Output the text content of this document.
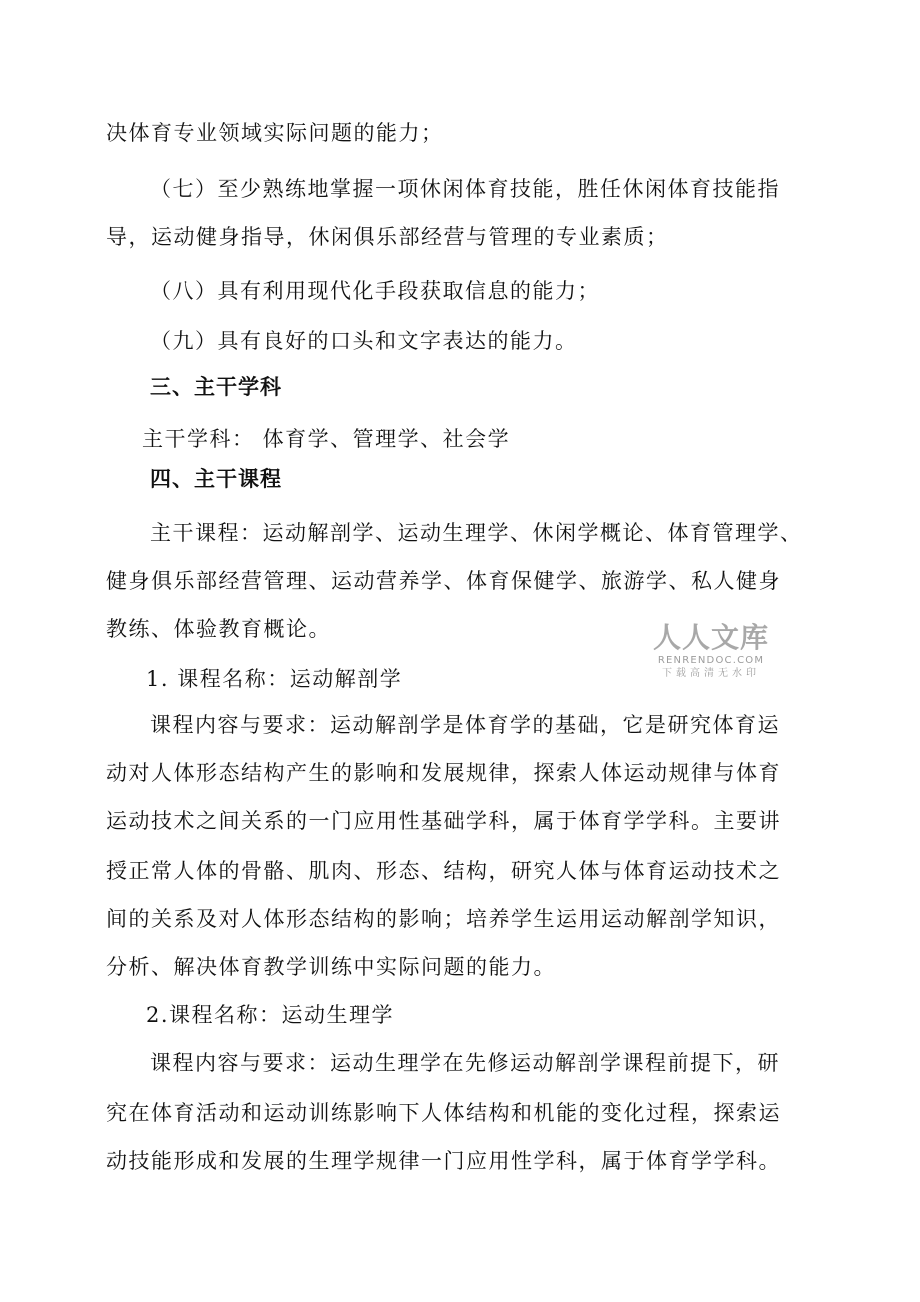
决体育专业领域实际问题的能力；
（七）至少熟练地掌握一项休闲体育技能，胜任休闲体育技能指
导，运动健身指导，休闲俱乐部经营与管理的专业素质；
（八）具有利用现代化手段获取信息的能力；
（九）具有良好的口头和文字表达的能力。
三、主干学科
主干学科： 体育学、管理学、社会学
四、主干课程
主干课程：运动解剖学、运动生理学、休闲学概论、体育管理学、
健身俱乐部经营管理、运动营养学、体育保健学、旅游学、私人健身
教练、体验教育概论。
1. 课程名称：运动解剖学
课程内容与要求：运动解剖学是体育学的基础，它是研究体育运
动对人体形态结构产生的影响和发展规律，探索人体运动规律与体育
运动技术之间关系的一门应用性基础学科，属于体育学学科。主要讲
授正常人体的骨骼、肌肉、形态、结构，研究人体与体育运动技术之
间的关系及对人体形态结构的影响；培养学生运用运动解剖学知识，
分析、解决体育教学训练中实际问题的能力。
2.课程名称：运动生理学
课程内容与要求：运动生理学在先修运动解剖学课程前提下，研
究在体育活动和运动训练影响下人体结构和机能的变化过程，探索运
动技能形成和发展的生理学规律一门应用性学科，属于体育学学科。
人人文库
RENRENDOC.COM
下载高清无水印
